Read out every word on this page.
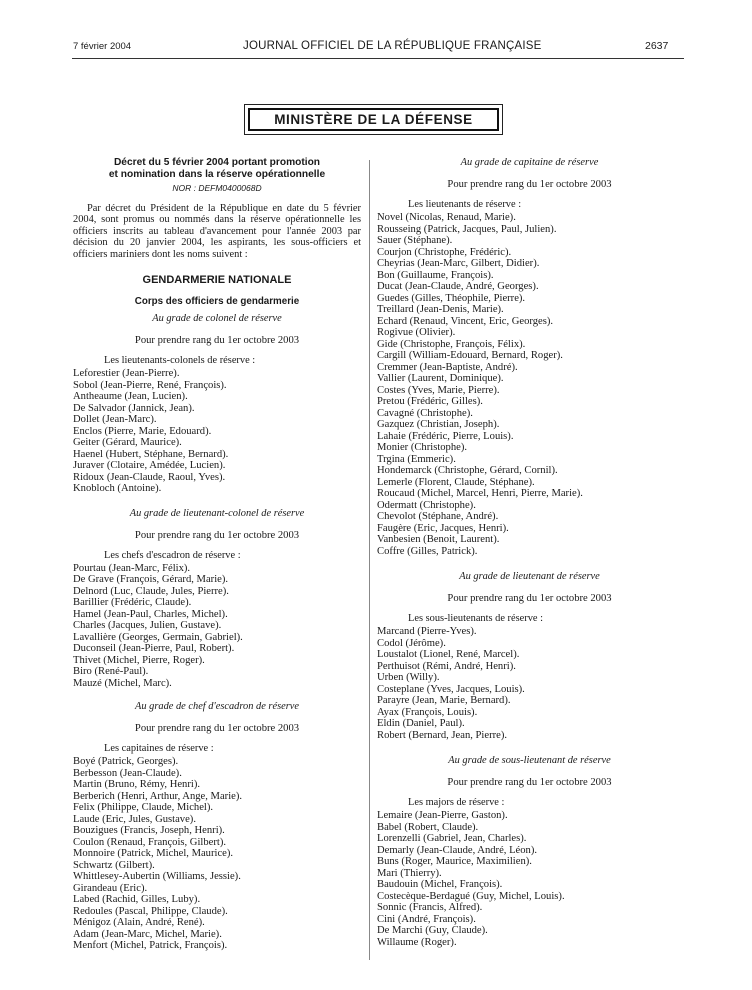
7 février 2004	JOURNAL OFFICIEL DE LA RÉPUBLIQUE FRANÇAISE	2637
MINISTÈRE DE LA DÉFENSE
Décret du 5 février 2004 portant promotion
et nomination dans la réserve opérationnelle
NOR : DEFM0400068D
Par décret du Président de la République en date du 5 février 2004, sont promus ou nommés dans la réserve opérationnelle les officiers inscrits au tableau d'avancement pour l'année 2003 par décision du 20 janvier 2004, les aspirants, les sous-officiers et officiers mariniers dont les noms suivent :
GENDARMERIE NATIONALE
Corps des officiers de gendarmerie
Au grade de colonel de réserve
Pour prendre rang du 1er octobre 2003
Les lieutenants-colonels de réserve :
Leforestier (Jean-Pierre).
Sobol (Jean-Pierre, René, François).
Antheaume (Jean, Lucien).
De Salvador (Jannick, Jean).
Dollet (Jean-Marc).
Enclos (Pierre, Marie, Edouard).
Geiter (Gérard, Maurice).
Haenel (Hubert, Stéphane, Bernard).
Juraver (Clotaire, Amédée, Lucien).
Ridoux (Jean-Claude, Raoul, Yves).
Knobloch (Antoine).
Au grade de lieutenant-colonel de réserve
Pour prendre rang du 1er octobre 2003
Les chefs d'escadron de réserve :
Pourtau (Jean-Marc, Félix).
De Grave (François, Gérard, Marie).
Delnord (Luc, Claude, Jules, Pierre).
Barillier (Frédéric, Claude).
Hamel (Jean-Paul, Charles, Michel).
Charles (Jacques, Julien, Gustave).
Lavallière (Georges, Germain, Gabriel).
Duconseil (Jean-Pierre, Paul, Robert).
Thivet (Michel, Pierre, Roger).
Biro (René-Paul).
Mauzé (Michel, Marc).
Au grade de chef d'escadron de réserve
Pour prendre rang du 1er octobre 2003
Les capitaines de réserve :
Boyé (Patrick, Georges).
Berbesson (Jean-Claude).
Martin (Bruno, Rémy, Henri).
Berberich (Henri, Arthur, Ange, Marie).
Felix (Philippe, Claude, Michel).
Laude (Eric, Jules, Gustave).
Bouzigues (Francis, Joseph, Henri).
Coulon (Renaud, François, Gilbert).
Monnoire (Patrick, Michel, Maurice).
Schwartz (Gilbert).
Whittlesey-Aubertin (Williams, Jessie).
Girandeau (Eric).
Labed (Rachid, Gilles, Luby).
Redoules (Pascal, Philippe, Claude).
Ménigoz (Alain, André, René).
Adam (Jean-Marc, Michel, Marie).
Menfort (Michel, Patrick, François).
Au grade de capitaine de réserve
Pour prendre rang du 1er octobre 2003
Les lieutenants de réserve :
Novel (Nicolas, Renaud, Marie).
Rousseing (Patrick, Jacques, Paul, Julien).
Sauer (Stéphane).
Courjon (Christophe, Frédéric).
Cheyrias (Jean-Marc, Gilbert, Didier).
Bon (Guillaume, François).
Ducat (Jean-Claude, André, Georges).
Guedes (Gilles, Théophile, Pierre).
Treillard (Jean-Denis, Marie).
Echard (Renaud, Vincent, Eric, Georges).
Rogivue (Olivier).
Gide (Christophe, François, Félix).
Cargill (William-Edouard, Bernard, Roger).
Cremmer (Jean-Baptiste, André).
Vallier (Laurent, Dominique).
Costes (Yves, Marie, Pierre).
Pretou (Frédéric, Gilles).
Cavagné (Christophe).
Gazquez (Christian, Joseph).
Lahaie (Frédéric, Pierre, Louis).
Monier (Christophe).
Trgina (Emmeric).
Hondemarck (Christophe, Gérard, Cornil).
Lemerle (Florent, Claude, Stéphane).
Roucaud (Michel, Marcel, Henri, Pierre, Marie).
Odermatt (Christophe).
Chevolot (Stéphane, André).
Faugère (Eric, Jacques, Henri).
Vanbesien (Benoit, Laurent).
Coffre (Gilles, Patrick).
Au grade de lieutenant de réserve
Pour prendre rang du 1er octobre 2003
Les sous-lieutenants de réserve :
Marcand (Pierre-Yves).
Codol (Jérôme).
Loustalot (Lionel, René, Marcel).
Perthuisot (Rémi, André, Henri).
Urben (Willy).
Costeplane (Yves, Jacques, Louis).
Parayre (Jean, Marie, Bernard).
Ayax (François, Louis).
Eldin (Daniel, Paul).
Robert (Bernard, Jean, Pierre).
Au grade de sous-lieutenant de réserve
Pour prendre rang du 1er octobre 2003
Les majors de réserve :
Lemaire (Jean-Pierre, Gaston).
Babel (Robert, Claude).
Lorenzelli (Gabriel, Jean, Charles).
Demarly (Jean-Claude, André, Léon).
Buns (Roger, Maurice, Maximilien).
Mari (Thierry).
Baudouin (Michel, François).
Costecèque-Berdagué (Guy, Michel, Louis).
Sonnic (Francis, Alfred).
Cini (André, François).
De Marchi (Guy, Claude).
Willaume (Roger).
